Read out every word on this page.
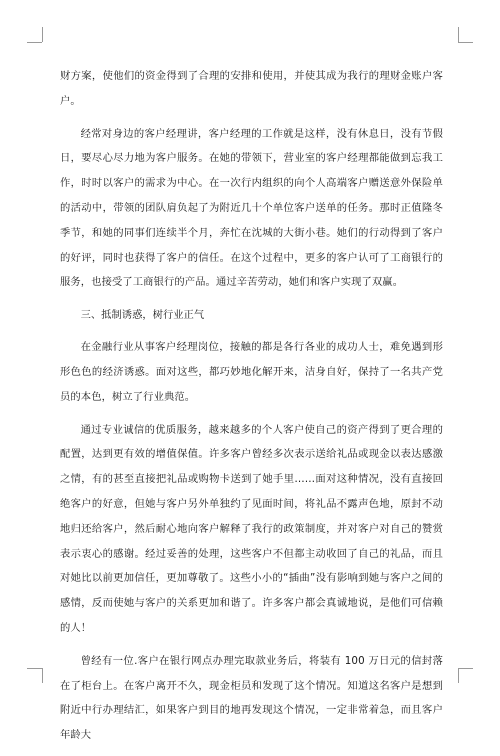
财方案，使他们的资金得到了合理的安排和使用，并使其成为我行的理财金账户客户。

经常对身边的客户经理讲，客户经理的工作就是这样，没有休息日，没有节假日，要尽心尽力地为客户服务。在她的带领下，营业室的客户经理都能做到忘我工作，时时以客户的需求为中心。在一次行内组织的向个人高端客户赠送意外保险单的活动中，带领的团队肩负起了为附近几十个单位客户送单的任务。那时正值隆冬季节，和她的同事们连续半个月，奔忙在沈城的大街小巷。她们的行动得到了客户的好评，同时也获得了客户的信任。在这个过程中，更多的客户认可了工商银行的服务，也接受了工商银行的产品。通过辛苦劳动，她们和客户实现了双赢。

三、抵制诱惑，树行业正气

在金融行业从事客户经理岗位，接触的都是各行各业的成功人士，难免遇到形形色色的经济诱惑。面对这些，都巧妙地化解开来，洁身自好，保持了一名共产党员的本色，树立了行业典范。

通过专业诚信的优质服务，越来越多的个人客户使自己的资产得到了更合理的配置，达到更有效的增值保值。许多客户曾经多次表示送给礼品或现金以表达感激之情，有的甚至直接把礼品或购物卡送到了她手里……面对这种情况，没有直接回绝客户的好意，但她与客户另外单独约了见面时间，将礼品不露声色地，原封不动地归还给客户，然后耐心地向客户解释了我行的政策制度，并对客户对自己的赞赏表示衷心的感谢。经过妥善的处理，这些客户不但都主动收回了自己的礼品，而且对她比以前更加信任，更加尊敬了。这些小小的“插曲”没有影响到她与客户之间的感情，反而使她与客户的关系更加和谐了。许多客户都会真诚地说，是他们可信赖的人！

曾经有一位.客户在银行网点办理完取款业务后，将装有 100 万日元的信封落在了柜台上。在客户离开不久，现金柜员和发现了这个情况。知道这名客户是想到附近中行办理结汇，如果客户到目的地再发现这个情况，一定非常着急，而且客户年龄大
